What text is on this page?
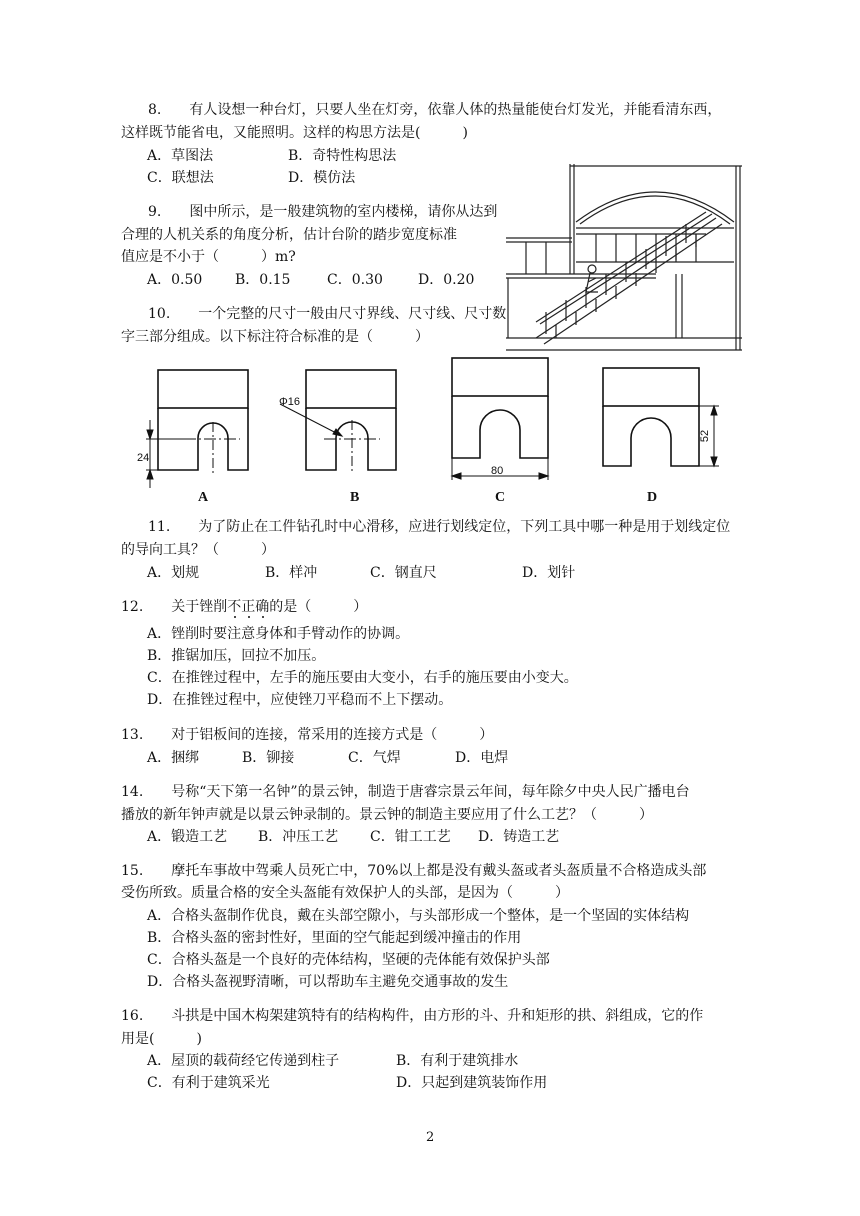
8.　　有人设想一种台灯，只要人坐在灯旁，依靠人体的热量能使台灯发光，并能看清东西，
这样既节能省电，又能照明。这样的构思方法是(　　　)
A．草图法	B．奇特性构思法
C．联想法	D．模仿法
9.　　图中所示，是一般建筑物的室内楼梯，请你从达到
合理的人机关系的角度分析，估计台阶的踏步宽度标准
值应是不小于（　　　）m?
A．0.50 B．0.15	C．0.30	D．0.20
10.　　一个完整的尺寸一般由尺寸界线、尺寸线、尺寸数
字三部分组成。以下标注符合标准的是（　　　）
24
Φ16
80
52
A	B	C	D
11.　　为了防止在工件钻孔时中心滑移，应进行划线定位，下列工具中哪一种是用于划线定位
的导向工具？（　　　）
A．划规	B．样冲	C．钢直尺	D．划针
12.　　关于锉削不正确的是（　　　）
A．锉削时要注意身体和手臂动作的协调。
B．推锯加压，回拉不加压。
C．在推锉过程中，左手的施压要由大变小，右手的施压要由小变大。
D．在推锉过程中，应使锉刀平稳而不上下摆动。
13.　　对于铝板间的连接，常采用的连接方式是（　　　）
A．捆绑	B．铆接	C．气焊	D．电焊
14.　　号称“天下第一名钟”的景云钟，制造于唐睿宗景云年间，每年除夕中央人民广播电台
播放的新年钟声就是以景云钟录制的。景云钟的制造主要应用了什么工艺？（　　　）
A．锻造工艺 B．冲压工艺 C．钳工工艺 D．铸造工艺
15.　　摩托车事故中驾乘人员死亡中，70%以上都是没有戴头盔或者头盔质量不合格造成头部
受伤所致。质量合格的安全头盔能有效保护人的头部，是因为（　　　）
A．合格头盔制作优良，戴在头部空隙小，与头部形成一个整体，是一个坚固的实体结构
B．合格头盔的密封性好，里面的空气能起到缓冲撞击的作用
C．合格头盔是一个良好的壳体结构，坚硬的壳体能有效保护头部
D．合格头盔视野清晰，可以帮助车主避免交通事故的发生
16.　　斗拱是中国木构架建筑特有的结构构件，由方形的斗、升和矩形的拱、斜组成，它的作
用是(　　　)
A．屋顶的载荷经它传递到柱子	B．有利于建筑排水
C．有利于建筑采光	D．只起到建筑装饰作用
2
